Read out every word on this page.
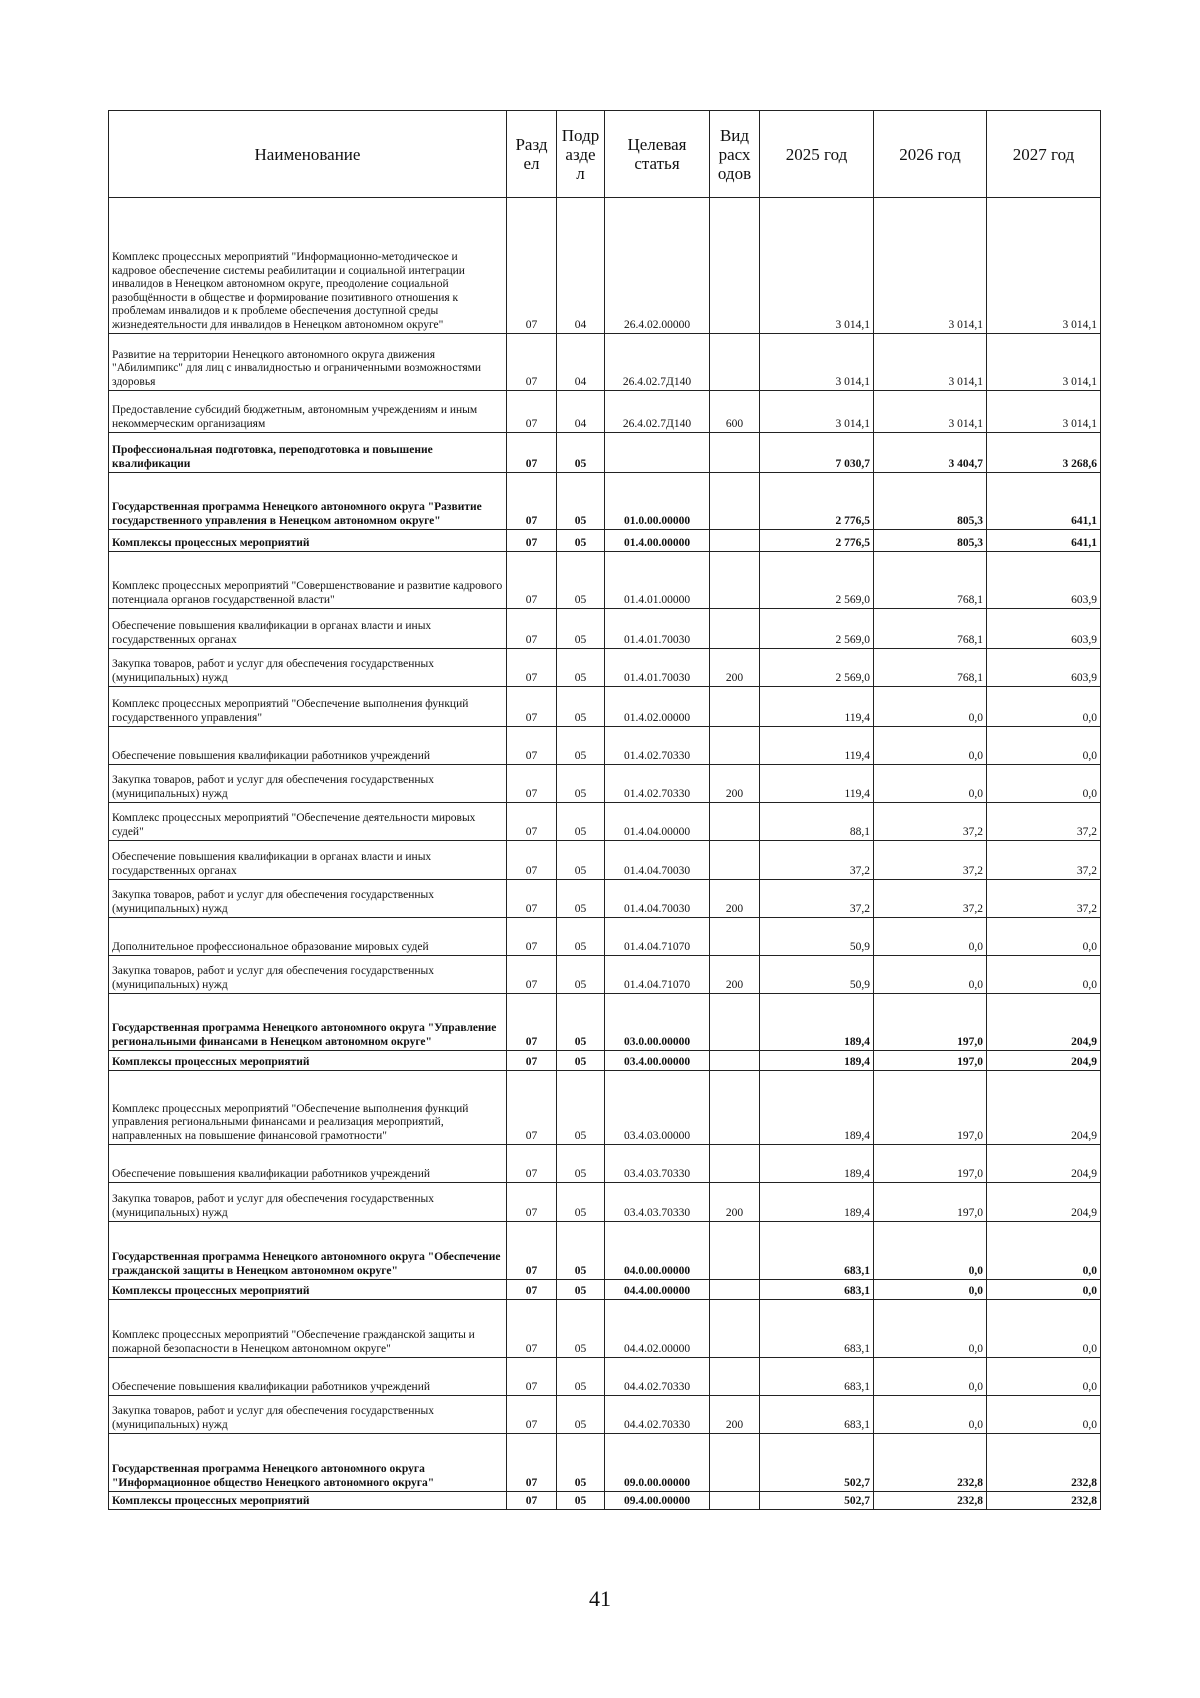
Наименование	Разд ел	Подр азде л	Целевая статья	Вид расх одов	2025 год	2026 год	2027 год
Комплекс процессных мероприятий "Информационно-методическое и кадровое обеспечение системы реабилитации и социальной интеграции инвалидов в Ненецком автономном округе, преодоление социальной разобщённости в обществе и формирование позитивного отношения к проблемам инвалидов и к проблеме обеспечения доступной среды жизнедеятельности для инвалидов в Ненецком автономном округе"	07	04	26.4.02.00000		3 014,1	3 014,1	3 014,1
Развитие на территории Ненецкого автономного округа движения "Абилимпикс" для лиц с инвалидностью и ограниченными возможностями здоровья	07	04	26.4.02.7Д140		3 014,1	3 014,1	3 014,1
Предоставление субсидий бюджетным, автономным учреждениям и иным некоммерческим организациям	07	04	26.4.02.7Д140	600	3 014,1	3 014,1	3 014,1
Профессиональная подготовка, переподготовка и повышение квалификации	07	05			7 030,7	3 404,7	3 268,6
Государственная программа Ненецкого автономного округа "Развитие государственного управления в Ненецком автономном округе"	07	05	01.0.00.00000		2 776,5	805,3	641,1
Комплексы процессных мероприятий	07	05	01.4.00.00000		2 776,5	805,3	641,1
Комплекс процессных мероприятий "Совершенствование и развитие кадрового потенциала органов государственной власти"	07	05	01.4.01.00000		2 569,0	768,1	603,9
Обеспечение повышения квалификации в органах власти и иных государственных органах	07	05	01.4.01.70030		2 569,0	768,1	603,9
Закупка товаров, работ и услуг для обеспечения государственных (муниципальных) нужд	07	05	01.4.01.70030	200	2 569,0	768,1	603,9
Комплекс процессных мероприятий "Обеспечение выполнения функций государственного управления"	07	05	01.4.02.00000		119,4	0,0	0,0
Обеспечение повышения квалификации работников учреждений	07	05	01.4.02.70330		119,4	0,0	0,0
Закупка товаров, работ и услуг для обеспечения государственных (муниципальных) нужд	07	05	01.4.02.70330	200	119,4	0,0	0,0
Комплекс процессных мероприятий "Обеспечение деятельности мировых судей"	07	05	01.4.04.00000		88,1	37,2	37,2
Обеспечение повышения квалификации в органах власти и иных государственных органах	07	05	01.4.04.70030		37,2	37,2	37,2
Закупка товаров, работ и услуг для обеспечения государственных (муниципальных) нужд	07	05	01.4.04.70030	200	37,2	37,2	37,2
Дополнительное профессиональное образование мировых судей	07	05	01.4.04.71070		50,9	0,0	0,0
Закупка товаров, работ и услуг для обеспечения государственных (муниципальных) нужд	07	05	01.4.04.71070	200	50,9	0,0	0,0
Государственная программа Ненецкого автономного округа "Управление региональными финансами в Ненецком автономном округе"	07	05	03.0.00.00000		189,4	197,0	204,9
Комплексы процессных мероприятий	07	05	03.4.00.00000		189,4	197,0	204,9
Комплекс процессных мероприятий "Обеспечение выполнения функций управления региональными финансами и реализация мероприятий, направленных на повышение финансовой грамотности"	07	05	03.4.03.00000		189,4	197,0	204,9
Обеспечение повышения квалификации работников учреждений	07	05	03.4.03.70330		189,4	197,0	204,9
Закупка товаров, работ и услуг для обеспечения государственных (муниципальных) нужд	07	05	03.4.03.70330	200	189,4	197,0	204,9
Государственная программа Ненецкого автономного округа "Обеспечение гражданской защиты в Ненецком автономном округе"	07	05	04.0.00.00000		683,1	0,0	0,0
Комплексы процессных мероприятий	07	05	04.4.00.00000		683,1	0,0	0,0
Комплекс процессных мероприятий "Обеспечение гражданской защиты и пожарной безопасности в Ненецком автономном округе"	07	05	04.4.02.00000		683,1	0,0	0,0
Обеспечение повышения квалификации работников учреждений	07	05	04.4.02.70330		683,1	0,0	0,0
Закупка товаров, работ и услуг для обеспечения государственных (муниципальных) нужд	07	05	04.4.02.70330	200	683,1	0,0	0,0
Государственная программа Ненецкого автономного округа "Информационное общество Ненецкого автономного округа"	07	05	09.0.00.00000		502,7	232,8	232,8
Комплексы процессных мероприятий	07	05	09.4.00.00000		502,7	232,8	232,8
41
